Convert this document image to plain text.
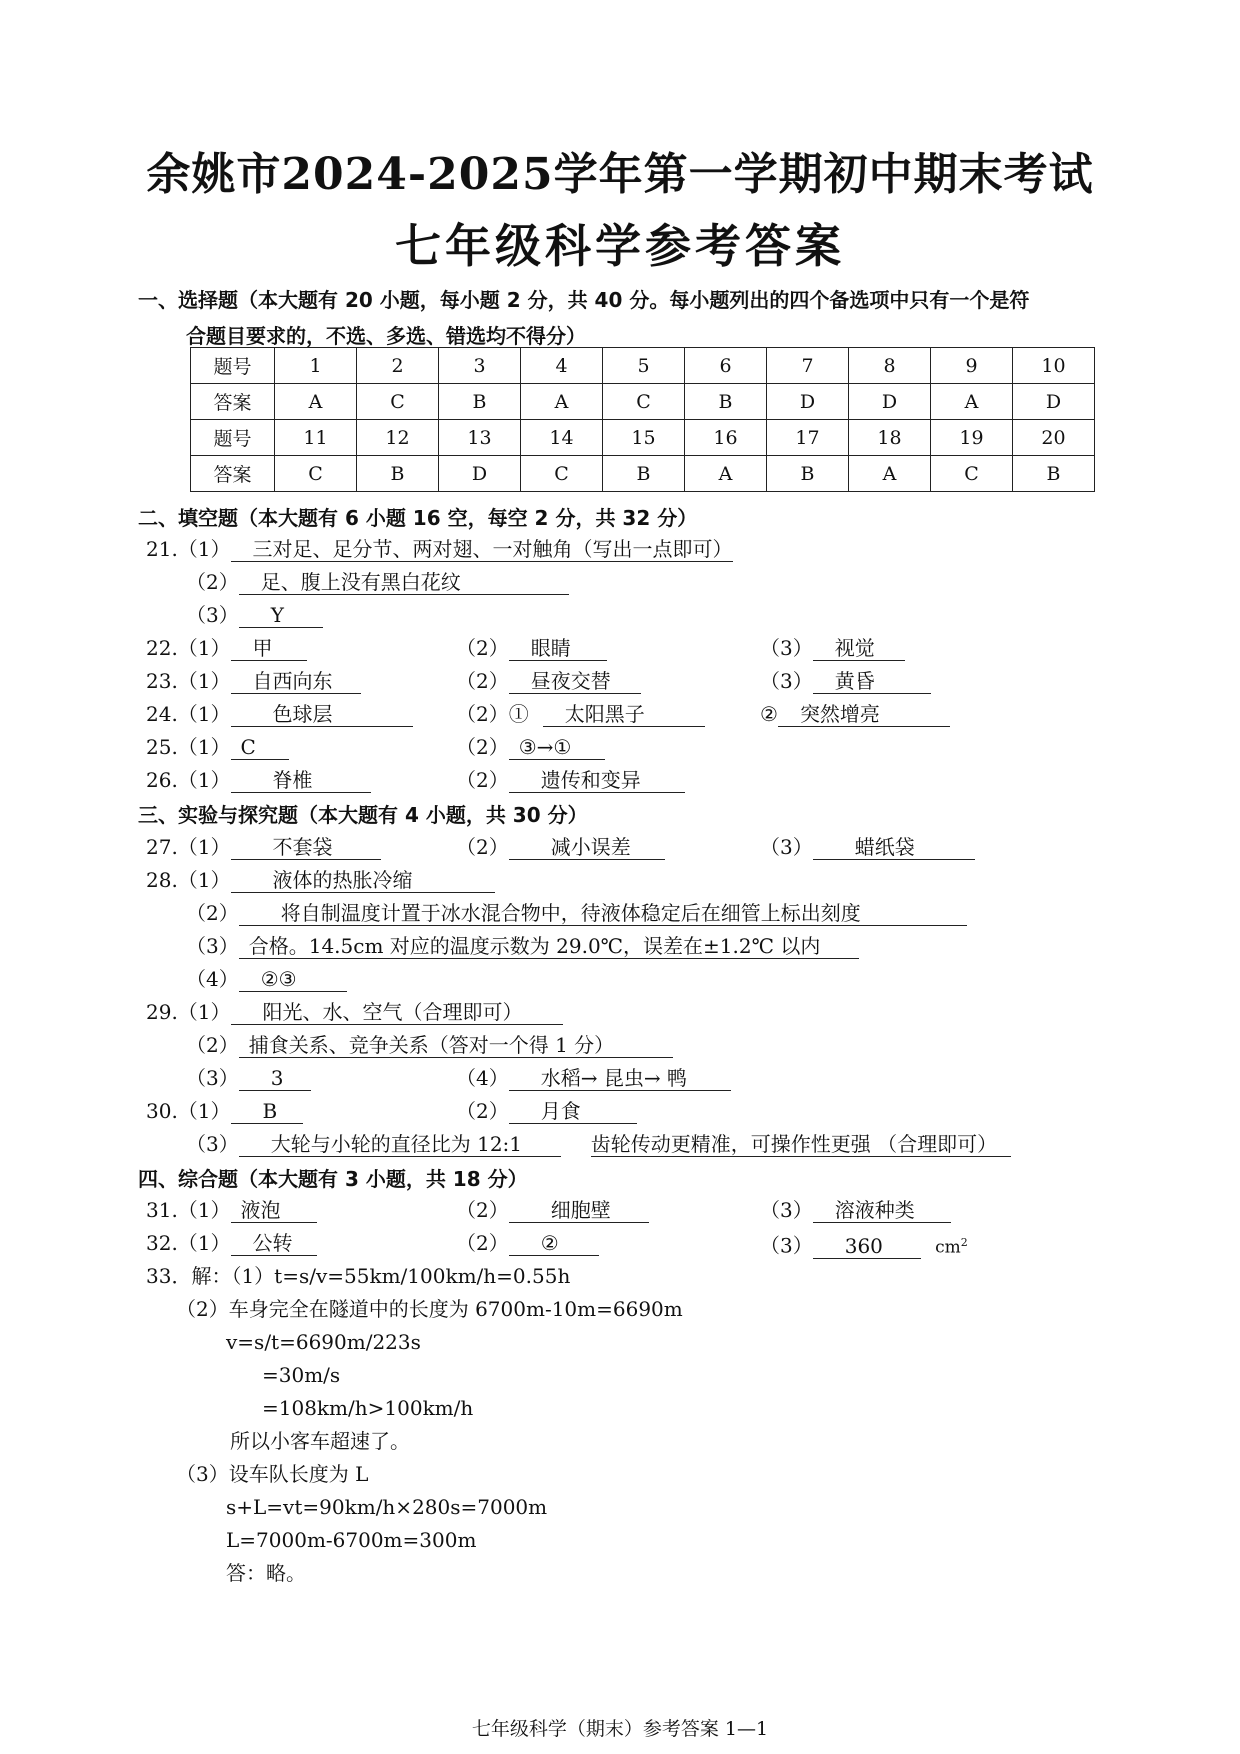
余姚市2024-2025学年第一学期初中期末考试
七年级科学参考答案
一、选择题（本大题有 20 小题，每小题 2 分，共 40 分。每小题列出的四个备选项中只有一个是符
合题目要求的，不选、多选、错选均不得分）
题号	1	2	3	4	5	6	7	8	9	10
答案	A	C	B	A	C	B	D	D	A	D
题号	11	12	13	14	15	16	17	18	19	20
答案	C	B	D	C	B	A	B	A	C	B
二、填空题（本大题有 6 小题 16 空，每空 2 分，共 32 分）
21.（1） 三对足、足分节、两对翅、一对触角（写出一点即可）
（2） 足、腹上没有黑白花纹
（3） Y
22.（1） 甲	（2） 眼睛	（3） 视觉
23.（1） 自西向东	（2） 昼夜交替	（3） 黄昏
24.（1） 色球层	（2）① 太阳黑子	② 突然增亮
25.（1） C	（2） ③→①
26.（1） 脊椎	（2） 遗传和变异
三、实验与探究题（本大题有 4 小题，共 30 分）
27.（1） 不套袋	（2） 减小误差	（3） 蜡纸袋
28.（1） 液体的热胀冷缩
（2） 将自制温度计置于冰水混合物中，待液体稳定后在细管上标出刻度
（3） 合格。14.5cm 对应的温度示数为 29.0℃，误差在±1.2℃ 以内
（4） ②③
29.（1） 阳光、水、空气（合理即可）
（2） 捕食关系、竞争关系（答对一个得 1 分）
（3） 3	（4） 水稻→ 昆虫→ 鸭
30.（1） B	（2） 月食
（3） 大轮与小轮的直径比为 12:1	齿轮传动更精准，可操作性更强 （合理即可）
四、综合题（本大题有 3 小题，共 18 分）
31.（1） 液泡	（2） 细胞壁	（3） 溶液种类
32.（1） 公转	（2） ②	（3） 360	$cm^2$
33．解：（1）t=s/v=55km/100km/h=0.55h
（2）车身完全在隧道中的长度为 6700m-10m=6690m
v=s/t=6690m/223s
=30m/s
=108km/h>100km/h
所以小客车超速了。
（3）设车队长度为 L
s+L=vt=90km/h×280s=7000m
L=7000m-6700m=300m
答：略。
七年级科学（期末）参考答案 1—1
